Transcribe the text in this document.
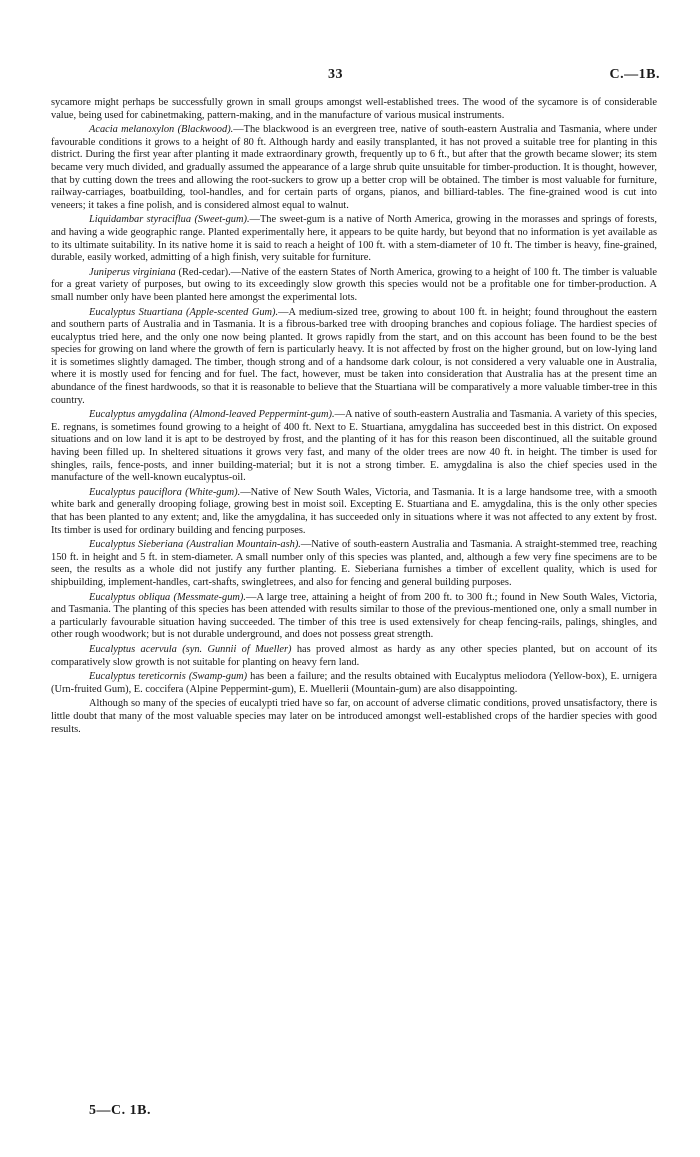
33	C.—1B.

sycamore might perhaps be successfully grown in small groups amongst well-established trees. The wood of the sycamore is of considerable value, being used for cabinetmaking, pattern-making, and in the manufacture of various musical instruments.

Acacia melanoxylon (Blackwood).—The blackwood is an evergreen tree, native of south-eastern Australia and Tasmania, where under favourable conditions it grows to a height of 80 ft. Although hardy and easily transplanted, it has not proved a suitable tree for planting in this district. During the first year after planting it made extraordinary growth, frequently up to 6 ft., but after that the growth became slower; its stem became very much divided, and gradually assumed the appearance of a large shrub quite unsuitable for timber-production. It is thought, however, that by cutting down the trees and allowing the root-suckers to grow up a better crop will be obtained. The timber is most valuable for furniture, railway-carriages, boatbuilding, tool-handles, and for certain parts of organs, pianos, and billiard-tables. The fine-grained wood is cut into veneers; it takes a fine polish, and is considered almost equal to walnut.

Liquidambar styraciflua (Sweet-gum).—The sweet-gum is a native of North America, growing in the morasses and springs of forests, and having a wide geographic range. Planted experimentally here, it appears to be quite hardy, but beyond that no information is yet available as to its ultimate suitability. In its native home it is said to reach a height of 100 ft. with a stem-diameter of 10 ft. The timber is heavy, fine-grained, durable, easily worked, admitting of a high finish, very suitable for furniture.

Juniperus virginiana (Red-cedar).—Native of the eastern States of North America, growing to a height of 100 ft. The timber is valuable for a great variety of purposes, but owing to its exceedingly slow growth this species would not be a profitable one for timber-production. A small number only have been planted here amongst the experimental lots.

Eucalyptus Stuartiana (Apple-scented Gum).—A medium-sized tree, growing to about 100 ft. in height; found throughout the eastern and southern parts of Australia and in Tasmania. It is a fibrous-barked tree with drooping branches and copious foliage. The hardiest species of eucalyptus tried here, and the only one now being planted. It grows rapidly from the start, and on this account has been found to be the best species for growing on land where the growth of fern is particularly heavy. It is not affected by frost on the higher ground, but on low-lying land it is sometimes slightly damaged. The timber, though strong and of a handsome dark colour, is not considered a very valuable one in Australia, where it is mostly used for fencing and for fuel. The fact, however, must be taken into consideration that Australia has at the present time an abundance of the finest hardwoods, so that it is reasonable to believe that the Stuartiana will be comparatively a more valuable timber-tree in this country.

Eucalyptus amygdalina (Almond-leaved Peppermint-gum).—A native of south-eastern Australia and Tasmania. A variety of this species, E. regnans, is sometimes found growing to a height of 400 ft. Next to E. Stuartiana, amygdalina has succeeded best in this district. On exposed situations and on low land it is apt to be destroyed by frost, and the planting of it has for this reason been discontinued, all the suitable ground having been filled up. In sheltered situations it grows very fast, and many of the older trees are now 40 ft. in height. The timber is used for shingles, rails, fence-posts, and inner building-material; but it is not a strong timber. E. amygdalina is also the chief species used in the manufacture of the well-known eucalyptus-oil.

Eucalyptus pauciflora (White-gum).—Native of New South Wales, Victoria, and Tasmania. It is a large handsome tree, with a smooth white bark and generally drooping foliage, growing best in moist soil. Excepting E. Stuartiana and E. amygdalina, this is the only other species that has been planted to any extent; and, like the amygdalina, it has succeeded only in situations where it was not affected to any extent by frost. Its timber is used for ordinary building and fencing purposes.

Eucalyptus Sieberiana (Australian Mountain-ash).—Native of south-eastern Australia and Tasmania. A straight-stemmed tree, reaching 150 ft. in height and 5 ft. in stem-diameter. A small number only of this species was planted, and, although a few very fine specimens are to be seen, the results as a whole did not justify any further planting. E. Sieberiana furnishes a timber of excellent quality, which is used for shipbuilding, implement-handles, cart-shafts, swingletrees, and also for fencing and general building purposes.

Eucalyptus obliqua (Messmate-gum).—A large tree, attaining a height of from 200 ft. to 300 ft.; found in New South Wales, Victoria, and Tasmania. The planting of this species has been attended with results similar to those of the previous-mentioned one, only a small number in a particularly favourable situation having succeeded. The timber of this tree is used extensively for cheap fencing-rails, palings, shingles, and other rough woodwork; but is not durable underground, and does not possess great strength.

Eucalyptus acervula (syn. Gunnii of Mueller) has proved almost as hardy as any other species planted, but on account of its comparatively slow growth is not suitable for planting on heavy fern land.

Eucalyptus tereticornis (Swamp-gum) has been a failure; and the results obtained with Eucalyptus meliodora (Yellow-box), E. urnigera (Urn-fruited Gum), E. coccifera (Alpine Peppermint-gum), E. Muellerii (Mountain-gum) are also disappointing.

Although so many of the species of eucalypti tried have so far, on account of adverse climatic conditions, proved unsatisfactory, there is little doubt that many of the most valuable species may later on be introduced amongst well-established crops of the hardier species with good results.

5—C. 1B.
